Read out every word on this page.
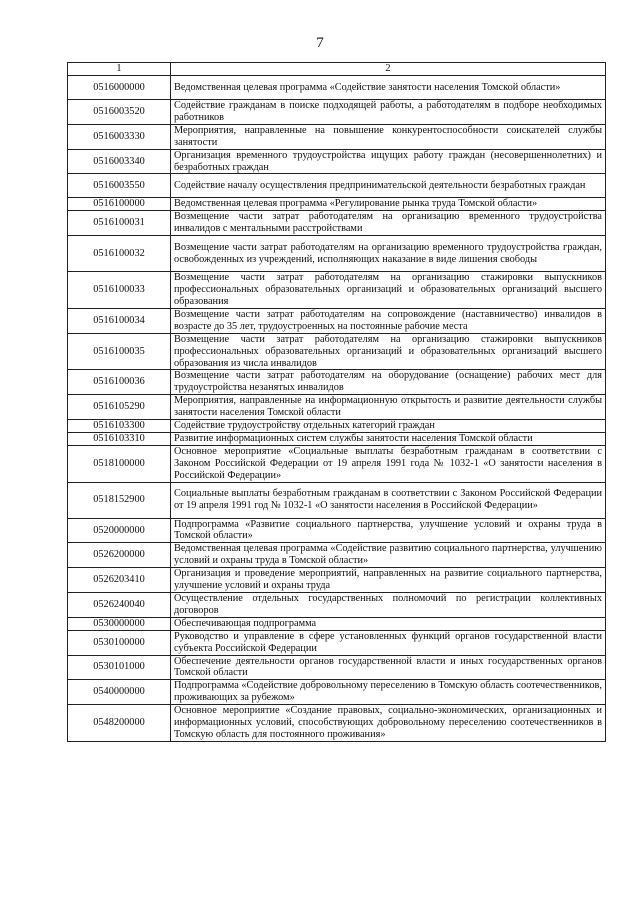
7
1	2
0516000000	Ведомственная целевая программа «Содействие занятости населения Томской области»
0516003520	Содействие гражданам в поиске подходящей работы, а работодателям в подборе необходимых работников
0516003330	Мероприятия, направленные на повышение конкурентоспособности соискателей службы занятости
0516003340	Организация временного трудоустройства ищущих работу граждан (несовершеннолетних) и безработных граждан
0516003550	Содействие началу осуществления предпринимательской деятельности безработных граждан
0516100000	Ведомственная целевая программа «Регулирование рынка труда Томской области»
0516100031	Возмещение части затрат работодателям на организацию временного трудоустройства инвалидов с ментальными расстройствами
0516100032	Возмещение части затрат работодателям на организацию временного трудоустройства граждан, освобожденных из учреждений, исполняющих наказание в виде лишения свободы
0516100033	Возмещение части затрат работодателям на организацию стажировки выпускников профессиональных образовательных организаций и образовательных организаций высшего образования
0516100034	Возмещение части затрат работодателям на сопровождение (наставничество) инвалидов в возрасте до 35 лет, трудоустроенных на постоянные рабочие места
0516100035	Возмещение части затрат работодателям на организацию стажировки выпускников профессиональных образовательных организаций и образовательных организаций высшего образования из числа инвалидов
0516100036	Возмещение части затрат работодателям на оборудование (оснащение) рабочих мест для трудоустройства незанятых инвалидов
0516105290	Мероприятия, направленные на информационную открытость и развитие деятельности службы занятости населения Томской области
0516103300	Содействие трудоустройству отдельных категорий граждан
0516103310	Развитие информационных систем службы занятости населения Томской области
0518100000	Основное мероприятие «Социальные выплаты безработным гражданам в соответствии с Законом Российской Федерации от 19 апреля 1991 года № 1032-1 «О занятости населения в Российской Федерации»
0518152900	Социальные выплаты безработным гражданам в соответствии с Законом Российской Федерации от 19 апреля 1991 год № 1032-1 «О занятости населения в Российской Федерации»
0520000000	Подпрограмма «Развитие социального партнерства, улучшение условий и охраны труда в Томской области»
0526200000	Ведомственная целевая программа «Содействие развитию социального партнерства, улучшению условий и охраны труда в Томской области»
0526203410	Организация и проведение мероприятий, направленных на развитие социального партнерства, улучшение условий и охраны труда
0526240040	Осуществление отдельных государственных полномочий по регистрации коллективных договоров
0530000000	Обеспечивающая подпрограмма
0530100000	Руководство и управление в сфере установленных функций органов государственной власти субъекта Российской Федерации
0530101000	Обеспечение деятельности органов государственной власти и иных государственных органов Томской области
0540000000	Подпрограмма «Содействие добровольному переселению в Томскую область соотечественников, проживающих за рубежом»
0548200000	Основное мероприятие «Создание правовых, социально-экономических, организационных и информационных условий, способствующих добровольному переселению соотечественников в Томскую область для постоянного проживания»
